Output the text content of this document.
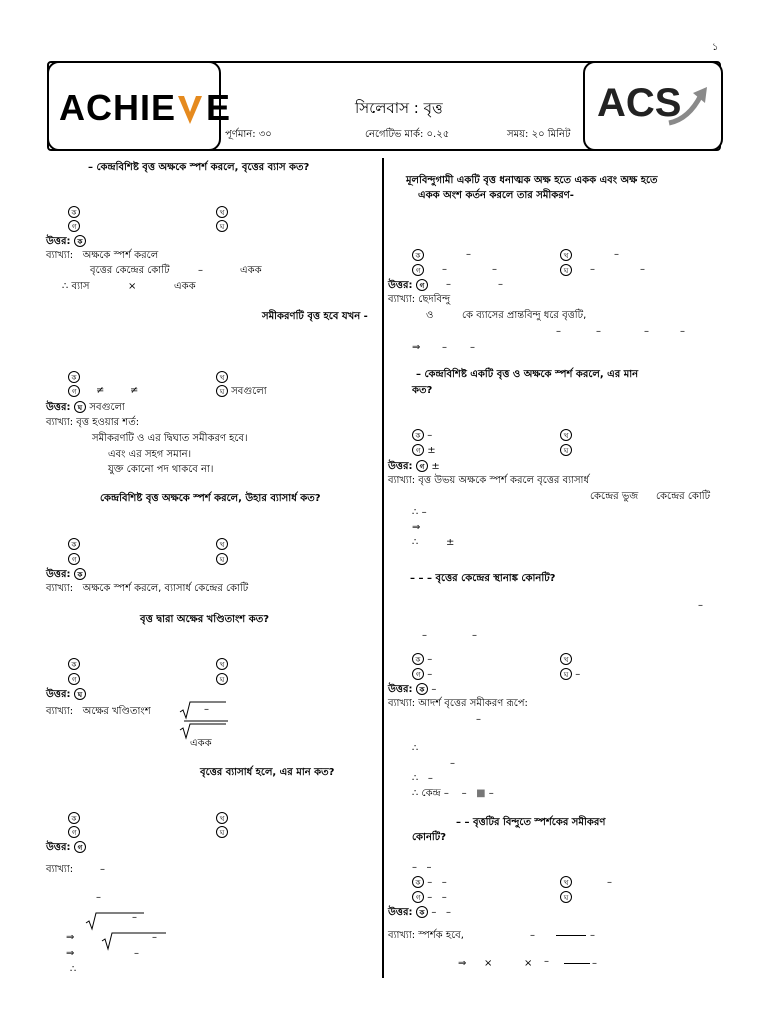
১
ACHIE E	ACS
সিলেবাস : বৃত্ত
পূর্ণমান: ৩০	নেগেটিভ মার্ক: ০.২৫	সময়: ২০ মিনিট
– কেন্দ্রবিশিষ্ট বৃত্ত অক্ষকে স্পর্শ করলে, বৃত্তের ব্যাস কত?
ক	খ
গ	ঘ
উত্তর: ক
ব্যাখ্যা: অক্ষকে স্পর্শ করলে
বৃত্তের কেন্দ্রের কোটি	–	একক
∴ ব্যাস	×	একক
সমীকরণটি বৃত্ত হবে যখন -
ক	খ
গ	≠	≠	ঘ সবগুলো
উত্তর: ঘ সবগুলো
ব্যাখ্যা: বৃত্ত হওয়ার শর্ত:
সমীকরণটি ও এর দ্বিঘাত সমীকরণ হবে।
এবং এর সহগ সমান।
যুক্ত কোনো পদ থাকবে না।
কেন্দ্রবিশিষ্ট বৃত্ত অক্ষকে স্পর্শ করলে, উহার ব্যাসার্ধ কত?
ক	খ
গ	ঘ
উত্তর: ক
ব্যাখ্যা: অক্ষকে স্পর্শ করলে, ব্যাসার্ধ কেন্দ্রের কোটি
বৃত্ত দ্বারা অক্ষের খণ্ডিতাংশ কত?
ক	খ
গ	ঘ
উত্তর: ঘ
ব্যাখ্যা: অক্ষের খণ্ডিতাংশ	–
একক
বৃত্তের ব্যাসার্ধ হলে, এর মান কত?
ক	খ
গ	ঘ
উত্তর: গ
ব্যাখ্যা:	–
–
–
⇒	–
⇒	–
∴
মূলবিন্দুগামী একটি বৃত্ত ধনাত্মক অক্ষ হতে একক এবং অক্ষ হতে
একক অংশ কর্তন করলে তার সমীকরণ-
ক	–	খ	–
গ	–	–	ঘ	–	–
উত্তর: গ	–	–
ব্যাখ্যা: ছেদবিন্দু
ও	কে ব্যাসের প্রান্তবিন্দু ধরে বৃত্তটি,
–	–	–	–
⇒ – –
– কেন্দ্রবিশিষ্ট একটি বৃত্ত ও অক্ষকে স্পর্শ করলে, এর মান
কত?
ক –	খ
গ ±	ঘ
উত্তর: গ ±
ব্যাখ্যা: বৃত্ত উভয় অক্ষকে স্পর্শ করলে বৃত্তের ব্যাসার্ধ
কেন্দ্রের ভুজ কেন্দ্রের কোটি
∴ –
⇒
∴	±
– – – বৃত্তের কেন্দ্রের স্থানাঙ্ক কোনটি?
–
–	–
ক –	খ
গ –	ঘ –
উত্তর: ক –
ব্যাখ্যা: আদর্শ বৃত্তের সমীকরণ রূপে:
–
∴
–
∴ –
∴ কেন্দ্র – – ■ –
– – বৃত্তটির বিন্দুতে স্পর্শকের সমীকরণ
কোনটি?
– –
ক – –	খ	–
গ – –	ঘ
উত্তর: ক – –
ব্যাখ্যা: স্পর্শক হবে,	–	–
⇒ ×	× –	–
